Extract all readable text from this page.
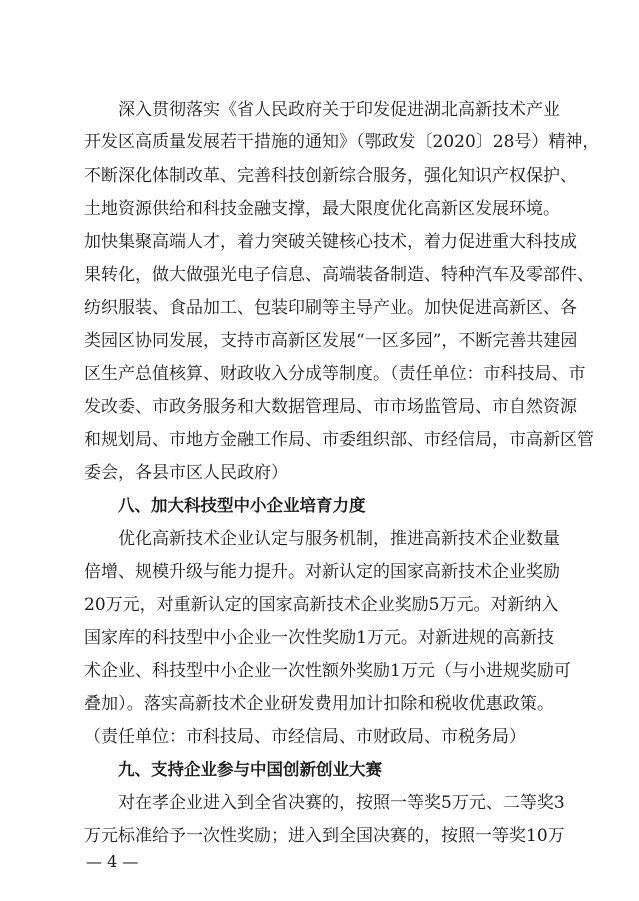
深入贯彻落实《省人民政府关于印发促进湖北高新技术产业
开发区高质量发展若干措施的通知》（鄂政发〔2020〕28号）精神，
不断深化体制改革、完善科技创新综合服务，强化知识产权保护、
土地资源供给和科技金融支撑，最大限度优化高新区发展环境。
加快集聚高端人才，着力突破关键核心技术，着力促进重大科技成
果转化，做大做强光电子信息、高端装备制造、特种汽车及零部件、
纺织服装、食品加工、包装印刷等主导产业。加快促进高新区、各
类园区协同发展，支持市高新区发展“一区多园”，不断完善共建园
区生产总值核算、财政收入分成等制度。（责任单位：市科技局、市
发改委、市政务服务和大数据管理局、市市场监管局、市自然资源
和规划局、市地方金融工作局、市委组织部、市经信局，市高新区管
委会，各县市区人民政府）
八、加大科技型中小企业培育力度
优化高新技术企业认定与服务机制，推进高新技术企业数量
倍增、规模升级与能力提升。对新认定的国家高新技术企业奖励
20万元，对重新认定的国家高新技术企业奖励5万元。对新纳入
国家库的科技型中小企业一次性奖励1万元。对新进规的高新技
术企业、科技型中小企业一次性额外奖励1万元（与小进规奖励可
叠加）。落实高新技术企业研发费用加计扣除和税收优惠政策。
（责任单位：市科技局、市经信局、市财政局、市税务局）
九、支持企业参与中国创新创业大赛
对在孝企业进入到全省决赛的，按照一等奖5万元、二等奖3
万元标准给予一次性奖励；进入到全国决赛的，按照一等奖10万
— 4 —
